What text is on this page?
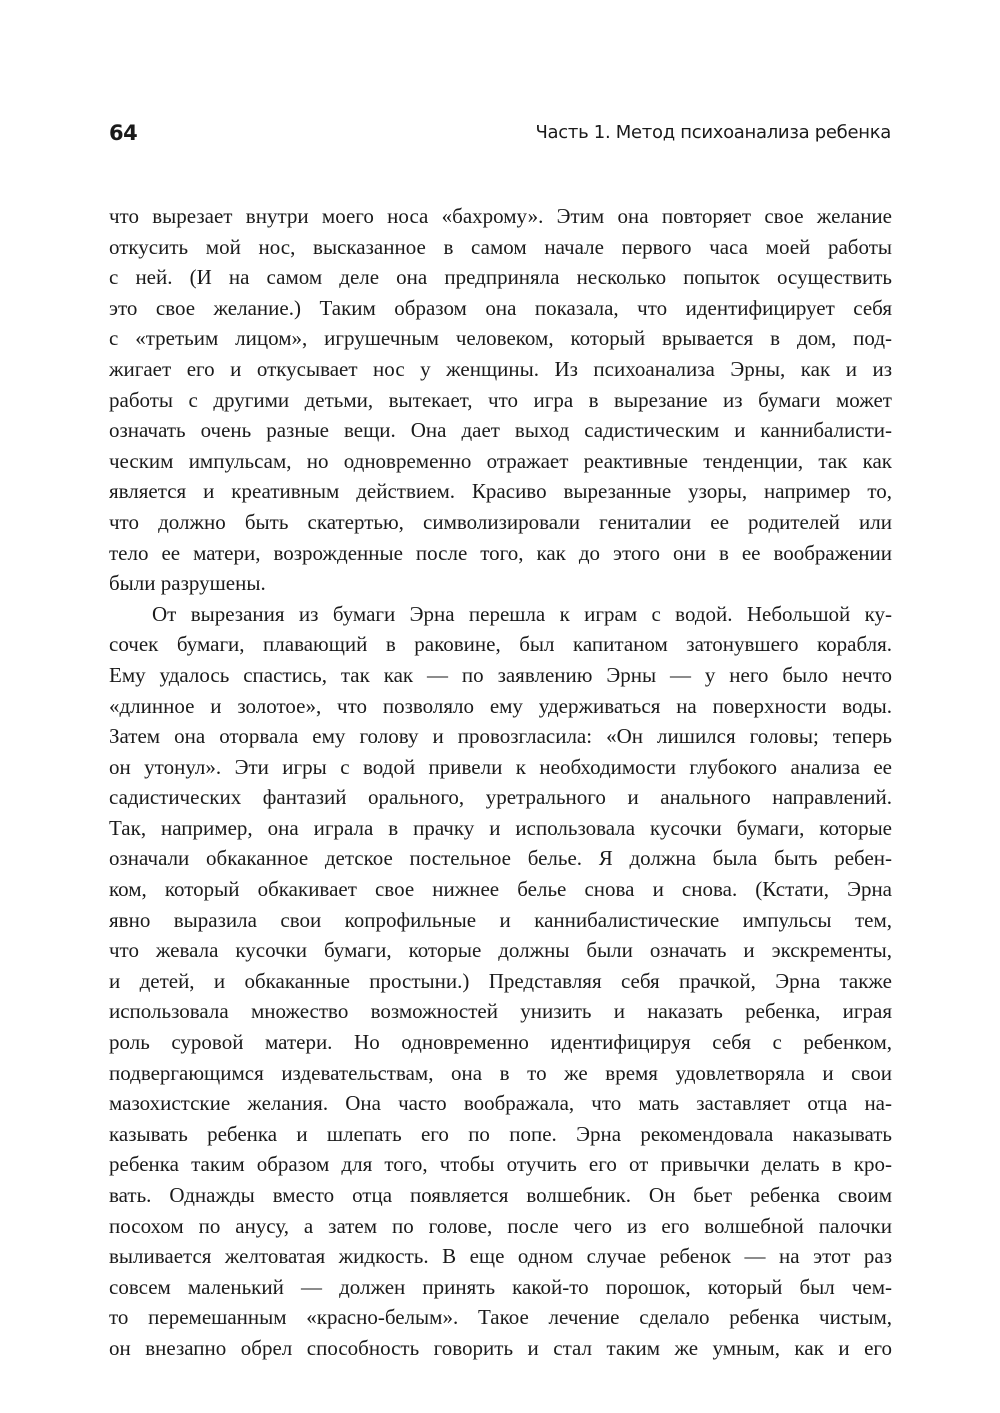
64	Часть 1. Метод психоанализа ребенка
что вырезает внутри моего носа «бахрому». Этим она повторяет свое желание
откусить мой нос, высказанное в самом начале первого часа моей работы
с ней. (И на самом деле она предприняла несколько попыток осуществить
это свое желание.) Таким образом она показала, что идентифицирует себя
с «третьим лицом», игрушечным человеком, который врывается в дом, под-
жигает его и откусывает нос у женщины. Из психоанализа Эрны, как и из
работы с другими детьми, вытекает, что игра в вырезание из бумаги может
означать очень разные вещи. Она дает выход садистическим и каннибалисти-
ческим импульсам, но одновременно отражает реактивные тенденции, так как
является и креативным действием. Красиво вырезанные узоры, например то,
что должно быть скатертью, символизировали гениталии ее родителей или
тело ее матери, возрожденные после того, как до этого они в ее воображении
были разрушены.
От вырезания из бумаги Эрна перешла к играм с водой. Небольшой ку-
сочек бумаги, плавающий в раковине, был капитаном затонувшего корабля.
Ему удалось спастись, так как — по заявлению Эрны — у него было нечто
«длинное и золотое», что позволяло ему удерживаться на поверхности воды.
Затем она оторвала ему голову и провозгласила: «Он лишился головы; теперь
он утонул». Эти игры с водой привели к необходимости глубокого анализа ее
садистических фантазий орального, уретрального и анального направлений.
Так, например, она играла в прачку и использовала кусочки бумаги, которые
означали обкаканное детское постельное белье. Я должна была быть ребен-
ком, который обкакивает свое нижнее белье снова и снова. (Кстати, Эрна
явно выразила свои копрофильные и каннибалистические импульсы тем,
что жевала кусочки бумаги, которые должны были означать и экскременты,
и детей, и обкаканные простыни.) Представляя себя прачкой, Эрна также
использовала множество возможностей унизить и наказать ребенка, играя
роль суровой матери. Но одновременно идентифицируя себя с ребенком,
подвергающимся издевательствам, она в то же время удовлетворяла и свои
мазохистские желания. Она часто воображала, что мать заставляет отца на-
казывать ребенка и шлепать его по попе. Эрна рекомендовала наказывать
ребенка таким образом для того, чтобы отучить его от привычки делать в кро-
вать. Однажды вместо отца появляется волшебник. Он бьет ребенка своим
посохом по анусу, а затем по голове, после чего из его волшебной палочки
выливается желтоватая жидкость. В еще одном случае ребенок — на этот раз
совсем маленький — должен принять какой-то порошок, который был чем-
то перемешанным «красно-белым». Такое лечение сделало ребенка чистым,
он внезапно обрел способность говорить и стал таким же умным, как и его
